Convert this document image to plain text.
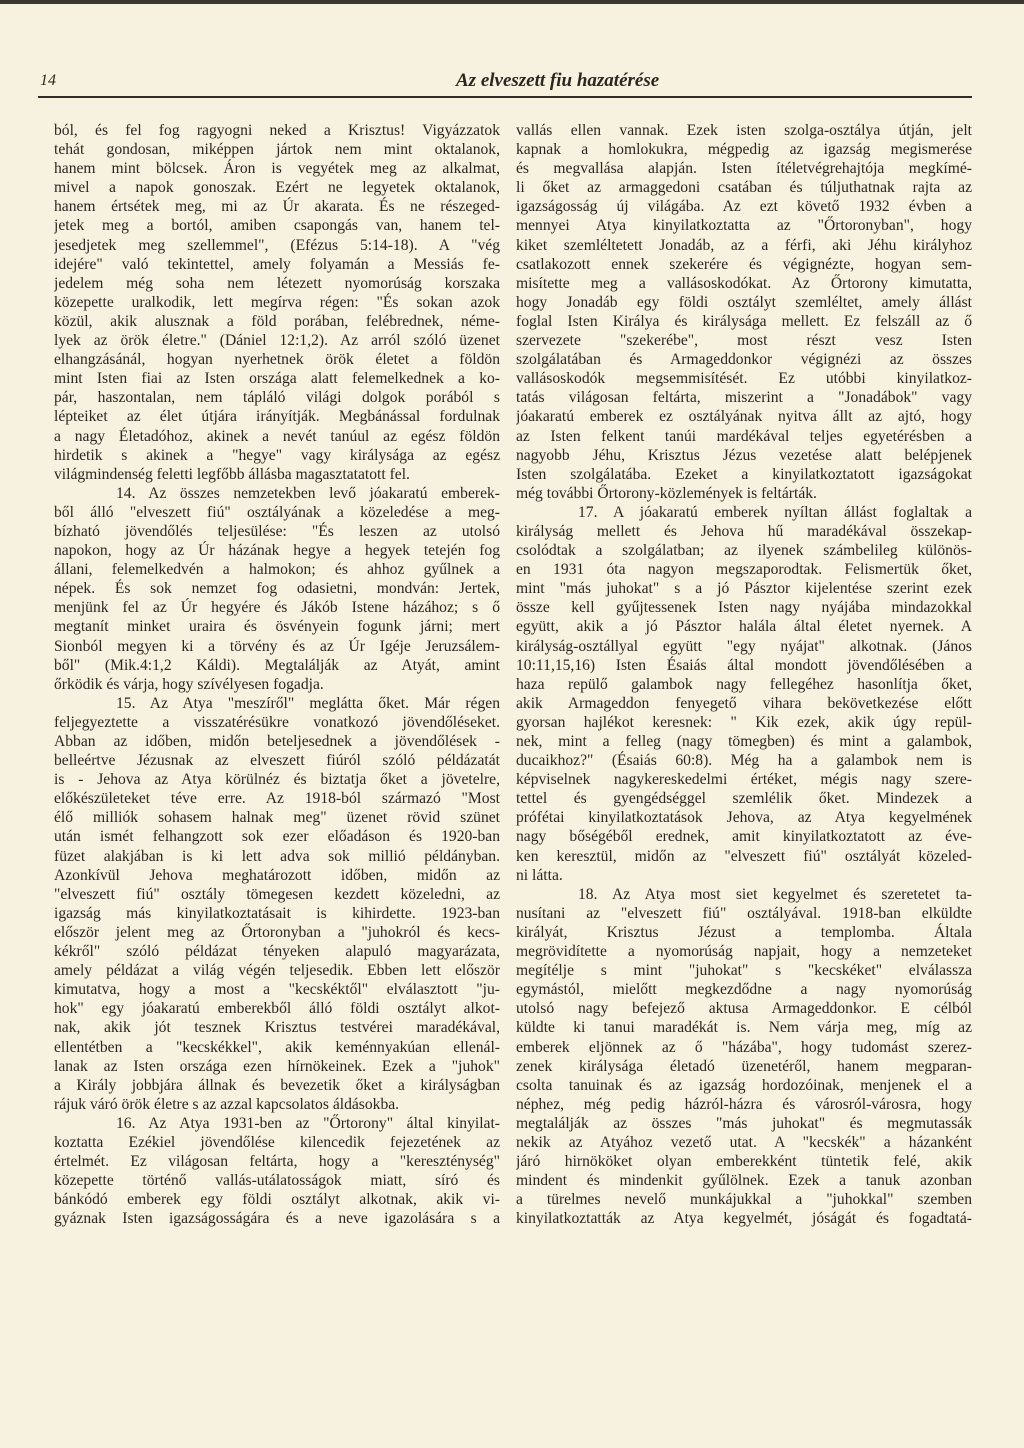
14	Az elveszett fiu hazatérése
ból, és fel fog ragyogni neked a Krisztus! Vigyázzatok
tehát gondosan, miképpen jártok nem mint oktalanok,
hanem mint bölcsek. Áron is vegyétek meg az alkalmat,
mivel a napok gonoszak. Ezért ne legyetek oktalanok,
hanem értsétek meg, mi az Úr akarata. És ne részeged-
jetek meg a bortól, amiben csapongás van, hanem tel-
jesedjetek meg szellemmel", (Efézus 5:14-18). A "vég
idejére" való tekintettel, amely folyamán a Messiás fe-
jedelem még soha nem létezett nyomorúság korszaka
közepette uralkodik, lett megírva régen: "És sokan azok
közül, akik alusznak a föld porában, felébrednek, néme-
lyek az örök életre." (Dániel 12:1,2). Az arról szóló üzenet
elhangzásánál, hogyan nyerhetnek örök életet a földön
mint Isten fiai az Isten országa alatt felemelkednek a ko-
pár, haszontalan, nem tápláló világi dolgok porából s
lépteiket az élet útjára irányítják. Megbánással fordulnak
a nagy Életadóhoz, akinek a nevét tanúul az egész földön
hirdetik s akinek a "hegye" vagy királysága az egész
világmindenség feletti legfőbb állásba magasztatatott fel.
14. Az összes nemzetekben levő jóakaratú emberek-
ből álló "elveszett fiú" osztályának a közeledése a meg-
bízható jövendőlés teljesülése: "És leszen az utolsó
napokon, hogy az Úr házának hegye a hegyek tetején fog
állani, felemelkedvén a halmokon; és ahhoz gyűlnek a
népek. És sok nemzet fog odasietni, mondván: Jertek,
menjünk fel az Úr hegyére és Jákób Istene házához; s ő
megtanít minket uraira és ösvényein fogunk járni; mert
Sionból megyen ki a törvény és az Úr Igéje Jeruzsálem-
ből" (Mik.4:1,2 Káldi). Megtalálják az Atyát, amint
őrködik és várja, hogy szívélyesen fogadja.
15. Az Atya "meszíről" meglátta őket. Már régen
feljegyeztette a visszatérésükre vonatkozó jövendőléseket.
Abban az időben, midőn beteljesednek a jövendőlések -
belleértve Jézusnak az elveszett fiúról szóló példázatát
is - Jehova az Atya körülnéz és biztatja őket a jövetelre,
előkészületeket téve erre. Az 1918-ból származó "Most
élő milliók sohasem halnak meg" üzenet rövid szünet
után ismét felhangzott sok ezer előadáson és 1920-ban
füzet alakjában is ki lett adva sok millió példányban.
Azonkívül Jehova meghatározott időben, midőn az
"elveszett fiú" osztály tömegesen kezdett közeledni, az
igazság más kinyilatkoztatásait is kihirdette. 1923-ban
először jelent meg az Őrtoronyban a "juhokról és kecs-
kékről" szóló példázat tényeken alapuló magyarázata,
amely példázat a világ végén teljesedik. Ebben lett először
kimutatva, hogy a most a "kecskéktől" elválasztott "ju-
hok" egy jóakaratú emberekből álló földi osztályt alkot-
nak, akik jót tesznek Krisztus testvérei maradékával,
ellentétben a "kecskékkel", akik keménnyakúan ellenál-
lanak az Isten országa ezen hírnökeinek. Ezek a "juhok"
a Király jobbjára állnak és bevezetik őket a királyságban
rájuk váró örök életre s az azzal kapcsolatos áldásokba.
16. Az Atya 1931-ben az "Őrtorony" által kinyilat-
koztatta Ezékiel jövendőlése kilencedik fejezetének az
értelmét. Ez világosan feltárta, hogy a "kereszténység"
közepette történő vallás-utálatosságok miatt, síró és
bánkódó emberek egy földi osztályt alkotnak, akik vi-
gyáznak Isten igazságosságára és a neve igazolására s a
vallás ellen vannak. Ezek isten szolga-osztálya útján, jelt
kapnak a homlokukra, mégpedig az igazság megismerése
és megvallása alapján. Isten ítéletvégrehajtója megkímé-
li őket az armaggedoni csatában és túljuthatnak rajta az
igazságosság új világába. Az ezt követő 1932 évben a
mennyei Atya kinyilatkoztatta az "Őrtoronyban", hogy
kiket szemléltetett Jonadáb, az a férfi, aki Jéhu királyhoz
csatlakozott ennek szekerére és végignézte, hogyan sem-
misítette meg a vallásoskodókat. Az Őrtorony kimutatta,
hogy Jonadáb egy földi osztályt szemléltet, amely állást
foglal Isten Királya és királysága mellett. Ez felszáll az ő
szervezete "szekerébe", most részt vesz Isten
szolgálatában és Armageddonkor végignézi az összes
vallásoskodók megsemmisítését. Ez utóbbi kinyilatkoz-
tatás világosan feltárta, miszerint a "Jonadábok" vagy
jóakaratú emberek ez osztályának nyitva állt az ajtó, hogy
az Isten felkent tanúi mardékával teljes egyetérésben a
nagyobb Jéhu, Krisztus Jézus vezetése alatt belépjenek
Isten szolgálatába. Ezeket a kinyilatkoztatott igazságokat
még további Őrtorony-közlemények is feltárták.
17. A jóakaratú emberek nyíltan állást foglaltak a
királyság mellett és Jehova hű maradékával összekap-
csolódtak a szolgálatban; az ilyenek számbelileg különös-
en 1931 óta nagyon megszaporodtak. Felismertük őket,
mint "más juhokat" s a jó Pásztor kijelentése szerint ezek
össze kell gyűjtessenek Isten nagy nyájába mindazokkal
együtt, akik a jó Pásztor halála által életet nyernek. A
királyság-osztállyal együtt "egy nyájat" alkotnak. (János
10:11,15,16) Isten Ésaiás által mondott jövendőlésében a
haza repülő galambok nagy fellegéhez hasonlítja őket,
akik Armageddon fenyegető vihara bekövetkezése előtt
gyorsan hajlékot keresnek: " Kik ezek, akik úgy repül-
nek, mint a felleg (nagy tömegben) és mint a galambok,
ducaikhoz?" (Ésaiás 60:8). Még ha a galambok nem is
képviselnek nagykereskedelmi értéket, mégis nagy szere-
tettel és gyengédséggel szemlélik őket. Mindezek a
prófétai kinyilatkoztatások Jehova, az Atya kegyelmének
nagy bőségéből erednek, amit kinyilatkoztatott az éve-
ken keresztül, midőn az "elveszett fiú" osztályát közeled-
ni látta.
18. Az Atya most siet kegyelmet és szeretetet ta-
nusítani az "elveszett fiú" osztályával. 1918-ban elküldte
királyát, Krisztus Jézust a templomba. Általa
megrövidítette a nyomorúság napjait, hogy a nemzeteket
megítélje s mint "juhokat" s "kecskéket" elválassza
egymástól, mielőtt megkezdődne a nagy nyomorúság
utolsó nagy befejező aktusa Armageddonkor. E célból
küldte ki tanui maradékát is. Nem várja meg, míg az
emberek eljönnek az ő "házába", hogy tudomást szerez-
zenek királysága életadó üzenetéről, hanem megparan-
csolta tanuinak és az igazság hordozóinak, menjenek el a
néphez, még pedig házról-házra és városról-városra, hogy
megtalálják az összes "más juhokat" és megmutassák
nekik az Atyához vezető utat. A "kecskék" a házanként
járó hirnököket olyan emberekként tüntetik felé, akik
mindent és mindenkit gyűlölnek. Ezek a tanuk azonban
a türelmes nevelő munkájukkal a "juhokkal" szemben
kinyilatkoztatták az Atya kegyelmét, jóságát és fogadtatá-
